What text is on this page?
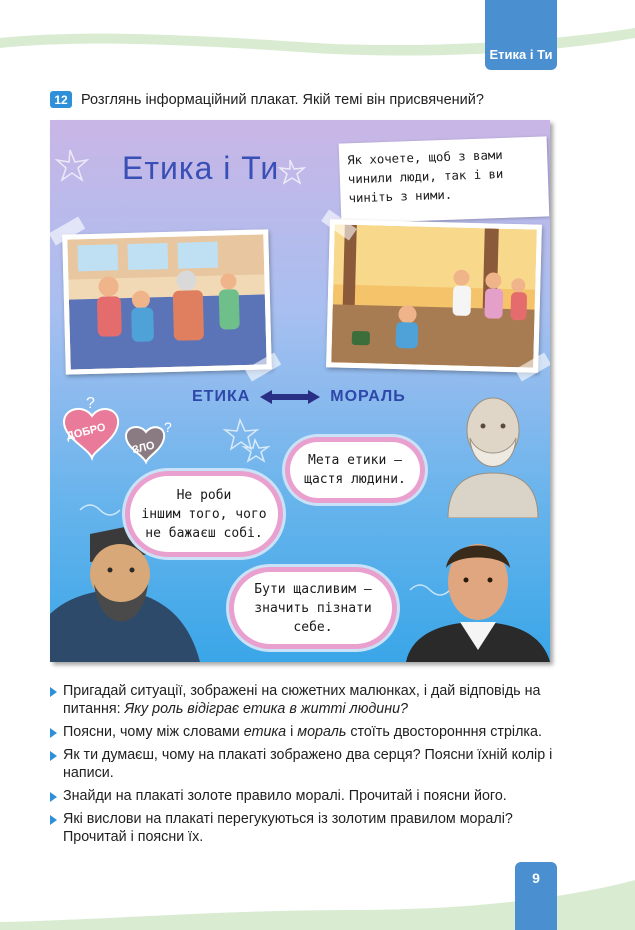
Етика і Ти
12 Розглянь інформаційний плакат. Якій темі він присвячений?
Етика і Ти	Як хочете, щоб з вами
чинили люди, так і ви
чиніть з ними.
ЕТИКА	МОРАЛЬ
?
?
ДОБРО
ЗЛО
Мета етики —
щастя людини.
Не роби
іншим того, чого
не бажаєш собі.
Бути щасливим —
значить пізнати
себе.
Пригадай ситуації, зображені на сюжетних малюнках, і дай відповідь на питання: Яку роль відіграє етика в житті людини?
Поясни, чому між словами етика і мораль стоїть двосторонння стрілка.
Як ти думаєш, чому на плакаті зображено два серця? Поясни їхній колір і написи.
Знайди на плакаті золоте правило моралі. Прочитай і поясни його.
Які вислови на плакаті перегукуються із золотим правилом моралі? Прочитай і поясни їх.
9
